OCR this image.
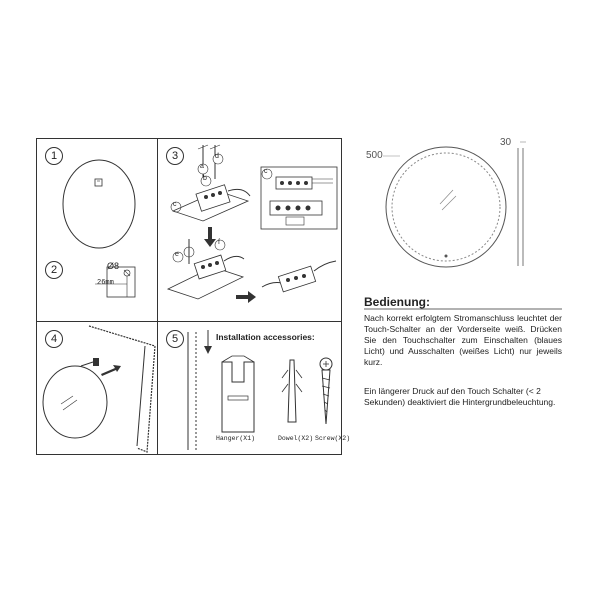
1
2	Ø8
26mm
3
a
b
d
c
c
e
f
4	5	Installation accessories:
Hanger(X1)	Dowel(X2) Screw(X2)
500
30
Bedienung:
Nach korrekt erfolgtem Stromanschluss leuchtet der Touch-Schalter an der Vorderseite weiß. Drücken Sie den Touchschalter zum Einschalten (blaues Licht) und Ausschalten (weißes Licht) nur jeweils kurz.
Ein längerer Druck auf den Touch Schalter (< 2 Sekunden) deaktiviert die Hintergrundbeleuchtung.
